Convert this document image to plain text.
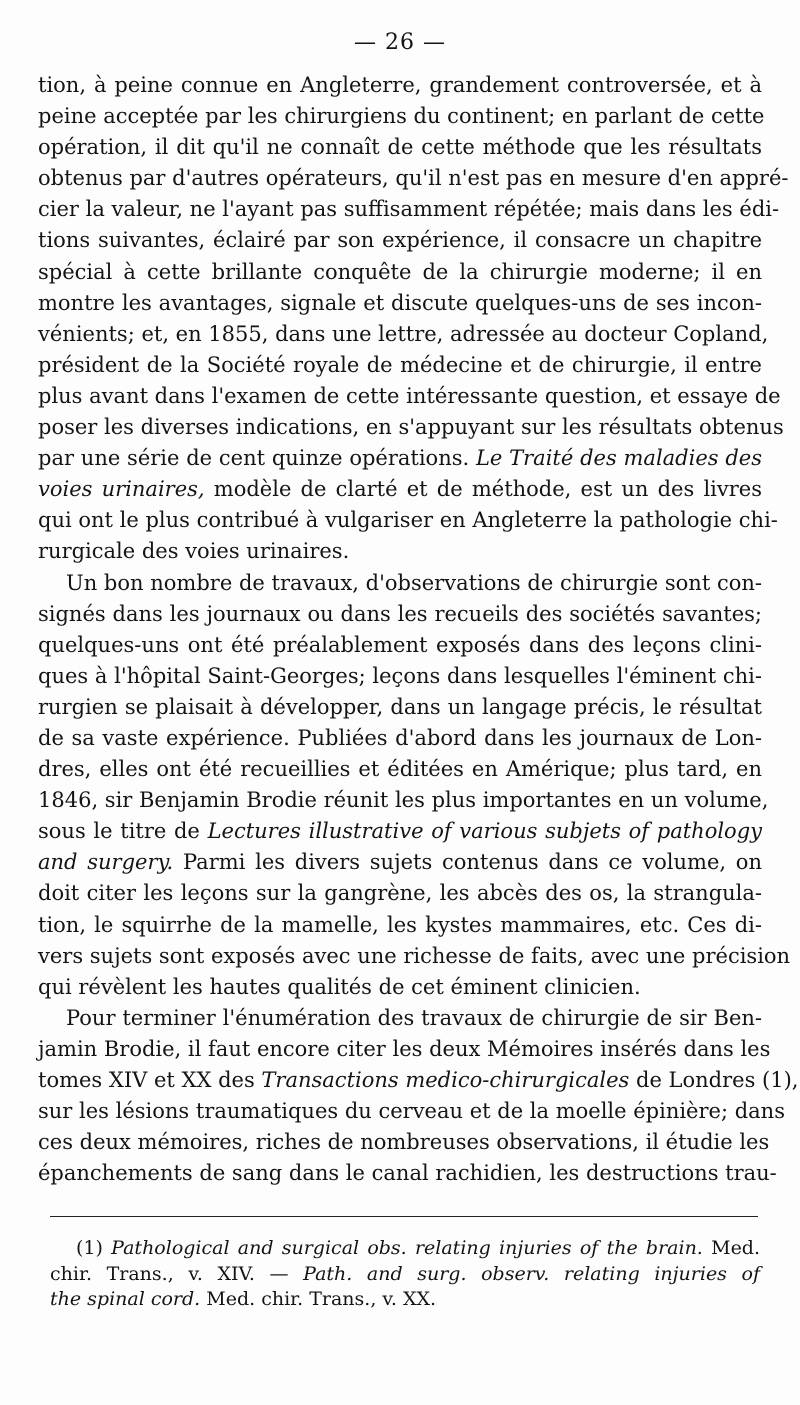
— 26 —
tion, à peine connue en Angleterre, grandement controversée, et à
peine acceptée par les chirurgiens du continent; en parlant de cette
opération, il dit qu'il ne connaît de cette méthode que les résultats
obtenus par d'autres opérateurs, qu'il n'est pas en mesure d'en appré-
cier la valeur, ne l'ayant pas suffisamment répétée; mais dans les édi-
tions suivantes, éclairé par son expérience, il consacre un chapitre
spécial à cette brillante conquête de la chirurgie moderne; il en
montre les avantages, signale et discute quelques-uns de ses incon-
vénients; et, en 1855, dans une lettre, adressée au docteur Copland,
président de la Société royale de médecine et de chirurgie, il entre
plus avant dans l'examen de cette intéressante question, et essaye de
poser les diverses indications, en s'appuyant sur les résultats obtenus
par une série de cent quinze opérations. Le Traité des maladies des
voies urinaires, modèle de clarté et de méthode, est un des livres
qui ont le plus contribué à vulgariser en Angleterre la pathologie chi-
rurgicale des voies urinaires.
Un bon nombre de travaux, d'observations de chirurgie sont con-
signés dans les journaux ou dans les recueils des sociétés savantes;
quelques-uns ont été préalablement exposés dans des leçons clini-
ques à l'hôpital Saint-Georges; leçons dans lesquelles l'éminent chi-
rurgien se plaisait à développer, dans un langage précis, le résultat
de sa vaste expérience. Publiées d'abord dans les journaux de Lon-
dres, elles ont été recueillies et éditées en Amérique; plus tard, en
1846, sir Benjamin Brodie réunit les plus importantes en un volume,
sous le titre de Lectures illustrative of various subjets of pathology
and surgery. Parmi les divers sujets contenus dans ce volume, on
doit citer les leçons sur la gangrène, les abcès des os, la strangula-
tion, le squirrhe de la mamelle, les kystes mammaires, etc. Ces di-
vers sujets sont exposés avec une richesse de faits, avec une précision
qui révèlent les hautes qualités de cet éminent clinicien.
Pour terminer l'énumération des travaux de chirurgie de sir Ben-
jamin Brodie, il faut encore citer les deux Mémoires insérés dans les
tomes XIV et XX des Transactions medico-chirurgicales de Londres (1),
sur les lésions traumatiques du cerveau et de la moelle épinière; dans
ces deux mémoires, riches de nombreuses observations, il étudie les
épanchements de sang dans le canal rachidien, les destructions trau-
(1) Pathological and surgical obs. relating injuries of the brain. Med.
chir. Trans., v. XIV. — Path. and surg. observ. relating injuries of
the spinal cord. Med. chir. Trans., v. XX.
